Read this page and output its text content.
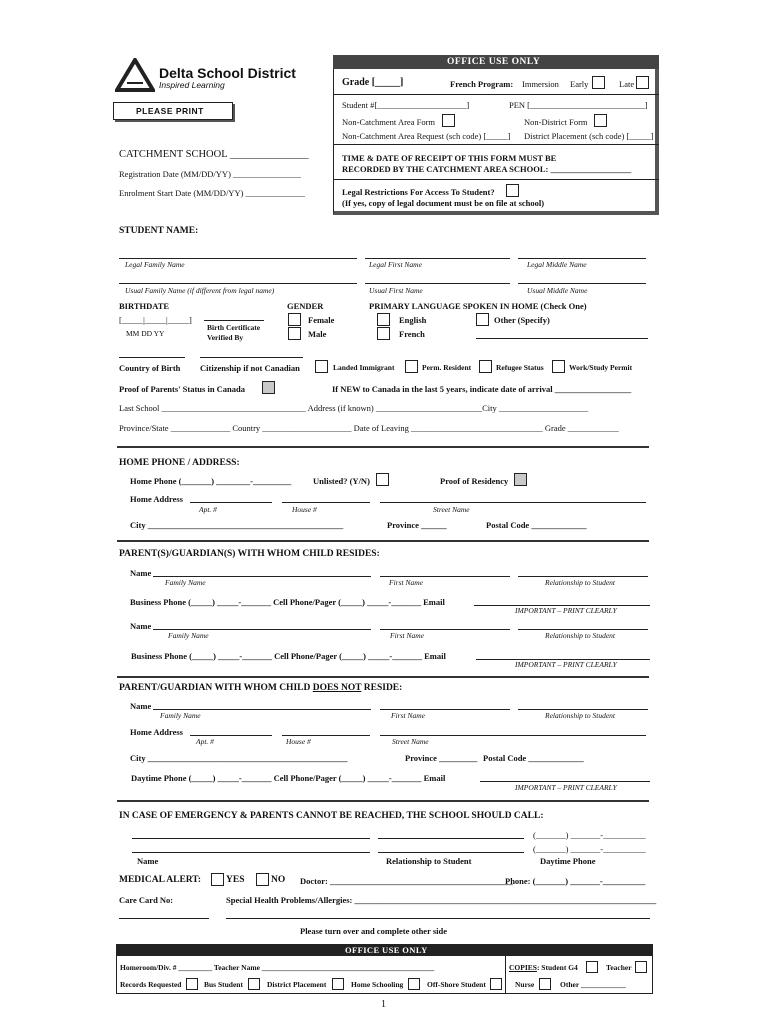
Delta School District
Inspired Learning
PLEASE PRINT
OFFICE USE ONLY
Grade [_____]	French Program: Immersion Early	Late
Student #[_____________________]	PEN [___________________________]
Non-Catchment Area Form	Non-District Form
Non-Catchment Area Request (sch code) [_____] District Placement (sch code) [_____]
TIME & DATE OF RECEIPT OF THIS FORM MUST BE
RECORDED BY THE CATCHMENT AREA SCHOOL: ___________________
Legal Restrictions For Access To Student?
(If yes, copy of legal document must be on file at school)
CATCHMENT SCHOOL _______________
Registration Date (MM/DD/YY) ________________
Enrolment Start Date (MM/DD/YY) ______________
STUDENT NAME:
Legal Family Name	Legal First Name	Legal Middle Name
Usual Family Name (if different from legal name)	Usual First Name	Usual Middle Name
BIRTHDATE
[_____|_____|_____]
MM DD YY
Birth Certificate
Verified By
GENDER
Female
Male
PRIMARY LANGUAGE SPOKEN IN HOME (Check One)
English
French
Other (Specify)
Country of Birth Citizenship if not Canadian	Landed Immigrant	Perm. Resident	Refugee Status	Work/Study Permit
Proof of Parents' Status in Canada	If NEW to Canada in the last 5 years, indicate date of arrival __________________
Last School __________________________________ Address (if known) _________________________City _____________________
Province/State ______________ Country _____________________ Date of Leaving _______________________________ Grade ____________
HOME PHONE / ADDRESS:
Home Phone (_______) ________-_________	Unlisted? (Y/N)	Proof of Residency
Home Address
Apt. #	House #	Street Name
City ______________________________________________	Province ______	Postal Code _____________
PARENT(S)/GUARDIAN(S) WITH WHOM CHILD RESIDES:
Name
Family Name	First Name	Relationship to Student
Business Phone (_____) _____-_______ Cell Phone/Pager (_____) _____-_______ Email
IMPORTANT – PRINT CLEARLY
Name
Family Name	First Name	Relationship to Student
Business Phone (_____) _____-_______ Cell Phone/Pager (_____) _____-_______ Email
IMPORTANT – PRINT CLEARLY
PARENT/GUARDIAN WITH WHOM CHILD DOES NOT RESIDE:
Name
Family Name	First Name	Relationship to Student
Home Address
Apt. #	House #	Street Name
City _______________________________________________	Province _________ Postal Code _____________
Daytime Phone (_____) _____-_______ Cell Phone/Pager (_____) _____-_______ Email
IMPORTANT – PRINT CLEARLY
IN CASE OF EMERGENCY & PARENTS CANNOT BE REACHED, THE SCHOOL SHOULD CALL:
(_______) _______-__________
(_______) _______-__________
Name	Relationship to Student	Daytime Phone
MEDICAL ALERT:	YES	NO Doctor: ___________________________________________
Phone: (_______) _______-__________
Care Card No:	Special Health Problems/Allergies: _______________________________________________________________________
Please turn over and complete other side
OFFICE USE ONLY
Homeroom/Div. # _________ Teacher Name ______________________________________________	COPIES: Student G4	Teacher
Records Requested	Bus Student	District Placement	Home Schooling	Off-Shore Student	Nurse	Other ____________
1
